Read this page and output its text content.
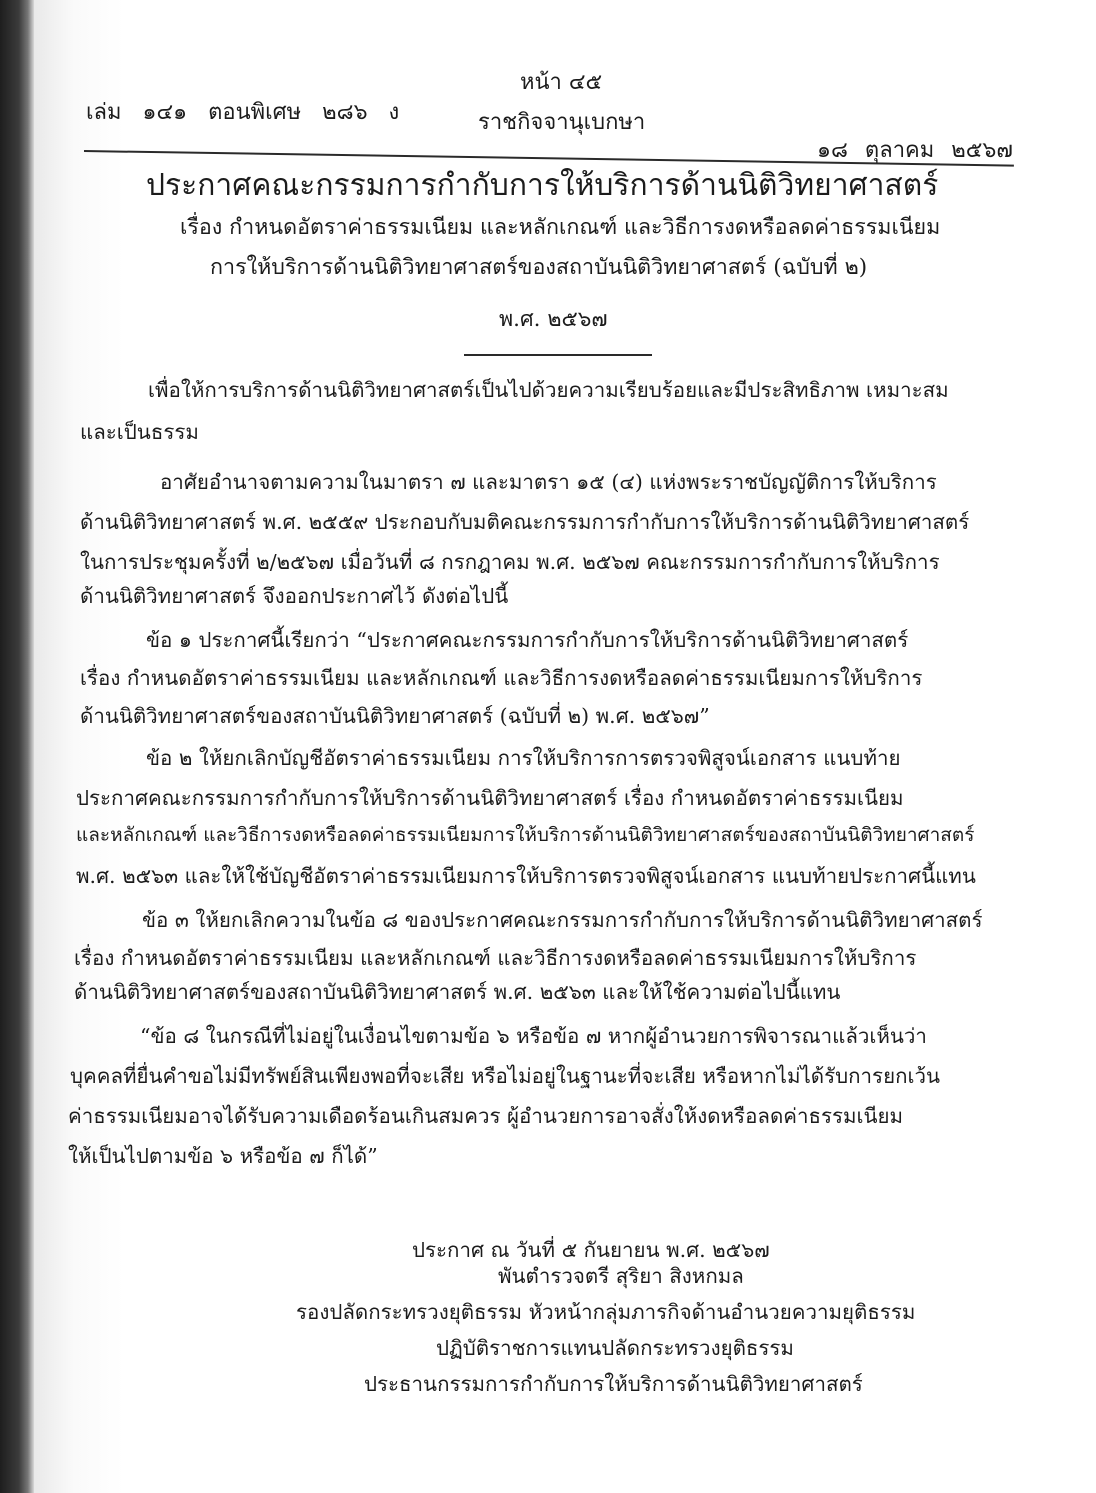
หน้า ๔๕
เล่ม ๑๔๑ ตอนพิเศษ ๒๘๖ ง	ราชกิจจานุเบกษา
๑๘ ตุลาคม ๒๕๖๗
ประกาศคณะกรรมการกำกับการให้บริการด้านนิติวิทยาศาสตร์
เรื่อง กำหนดอัตราค่าธรรมเนียม และหลักเกณฑ์ และวิธีการงดหรือลดค่าธรรมเนียม
การให้บริการด้านนิติวิทยาศาสตร์ของสถาบันนิติวิทยาศาสตร์ (ฉบับที่ ๒)
พ.ศ. ๒๕๖๗
เพื่อให้การบริการด้านนิติวิทยาศาสตร์เป็นไปด้วยความเรียบร้อยและมีประสิทธิภาพ เหมาะสม
และเป็นธรรม
อาศัยอำนาจตามความในมาตรา ๗ และมาตรา ๑๕ (๔) แห่งพระราชบัญญัติการให้บริการ
ด้านนิติวิทยาศาสตร์ พ.ศ. ๒๕๕๙ ประกอบกับมติคณะกรรมการกำกับการให้บริการด้านนิติวิทยาศาสตร์
ในการประชุมครั้งที่ ๒/๒๕๖๗ เมื่อวันที่ ๘ กรกฎาคม พ.ศ. ๒๕๖๗ คณะกรรมการกำกับการให้บริการ
ด้านนิติวิทยาศาสตร์ จึงออกประกาศไว้ ดังต่อไปนี้
ข้อ ๑ ประกาศนี้เรียกว่า “ประกาศคณะกรรมการกำกับการให้บริการด้านนิติวิทยาศาสตร์
เรื่อง กำหนดอัตราค่าธรรมเนียม และหลักเกณฑ์ และวิธีการงดหรือลดค่าธรรมเนียมการให้บริการ
ด้านนิติวิทยาศาสตร์ของสถาบันนิติวิทยาศาสตร์ (ฉบับที่ ๒) พ.ศ. ๒๕๖๗”
ข้อ ๒ ให้ยกเลิกบัญชีอัตราค่าธรรมเนียม การให้บริการการตรวจพิสูจน์เอกสาร แนบท้าย
ประกาศคณะกรรมการกำกับการให้บริการด้านนิติวิทยาศาสตร์ เรื่อง กำหนดอัตราค่าธรรมเนียม
และหลักเกณฑ์ และวิธีการงดหรือลดค่าธรรมเนียมการให้บริการด้านนิติวิทยาศาสตร์ของสถาบันนิติวิทยาศาสตร์
พ.ศ. ๒๕๖๓ และให้ใช้บัญชีอัตราค่าธรรมเนียมการให้บริการตรวจพิสูจน์เอกสาร แนบท้ายประกาศนี้แทน
ข้อ ๓ ให้ยกเลิกความในข้อ ๘ ของประกาศคณะกรรมการกำกับการให้บริการด้านนิติวิทยาศาสตร์
เรื่อง กำหนดอัตราค่าธรรมเนียม และหลักเกณฑ์ และวิธีการงดหรือลดค่าธรรมเนียมการให้บริการ
ด้านนิติวิทยาศาสตร์ของสถาบันนิติวิทยาศาสตร์ พ.ศ. ๒๕๖๓ และให้ใช้ความต่อไปนี้แทน
“ข้อ ๘ ในกรณีที่ไม่อยู่ในเงื่อนไขตามข้อ ๖ หรือข้อ ๗ หากผู้อำนวยการพิจารณาแล้วเห็นว่า
บุคคลที่ยื่นคำขอไม่มีทรัพย์สินเพียงพอที่จะเสีย หรือไม่อยู่ในฐานะที่จะเสีย หรือหากไม่ได้รับการยกเว้น
ค่าธรรมเนียมอาจได้รับความเดือดร้อนเกินสมควร ผู้อำนวยการอาจสั่งให้งดหรือลดค่าธรรมเนียม
ให้เป็นไปตามข้อ ๖ หรือข้อ ๗ ก็ได้”
ประกาศ ณ วันที่ ๕ กันยายน พ.ศ. ๒๕๖๗
พันตำรวจตรี สุริยา สิงหกมล
รองปลัดกระทรวงยุติธรรม หัวหน้ากลุ่มภารกิจด้านอำนวยความยุติธรรม
ปฏิบัติราชการแทนปลัดกระทรวงยุติธรรม
ประธานกรรมการกำกับการให้บริการด้านนิติวิทยาศาสตร์
